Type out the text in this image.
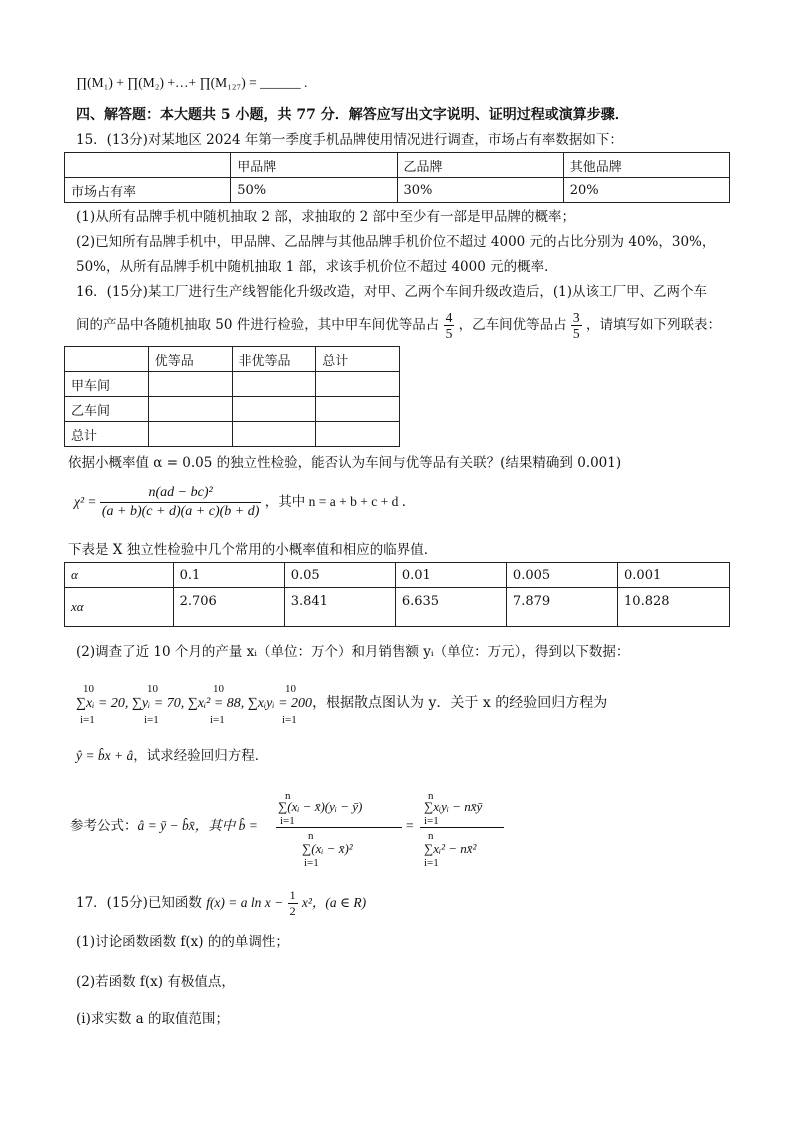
∏(M₁) + ∏(M₂) +…+ ∏(M₁₂₇) = ______ .
四、解答题：本大题共 5 小题，共 77 分．解答应写出文字说明、证明过程或演算步骤．
15．(13分)对某地区 2024 年第一季度手机品牌使用情况进行调查，市场占有率数据如下：
	甲品牌	乙品牌	其他品牌
市场占有率	50%	30%	20%
(1)从所有品牌手机中随机抽取 2 部，求抽取的 2 部中至少有一部是甲品牌的概率；
(2)已知所有品牌手机中，甲品牌、乙品牌与其他品牌手机价位不超过 4000 元的占比分别为 40%，30%，
50%，从所有品牌手机中随机抽取 1 部，求该手机价位不超过 4000 元的概率．
16．(15分)某工厂进行生产线智能化升级改造，对甲、乙两个车间升级改造后，(1)从该工厂甲、乙两个车
间的产品中各随机抽取 50 件进行检验，其中甲车间优等品占 $\frac{4}{5}$ ，乙车间优等品占 $\frac{3}{5}$ ，请填写如下列联表：
	优等品	非优等品	总计
甲车间			
乙车间			
总计			
依据小概率值 α = 0.05 的独立性检验，能否认为车间与优等品有关联？(结果精确到 0.001)
$\chi^2 = \frac{\text{n(ad − bc)²}}{(a + b)(c + d)(a + c)(b + d)}$ ，其中 n = a + b + c + d ．
下表是 X 独立性检验中几个常用的小概率值和相应的临界值．
α	0.1	0.05	0.01	0.005	0.001
xα	2.706	3.841	6.635	7.879	10.828
(2)调查了近 10 个月的产量 xᵢ（单位：万个）和月销售额 yᵢ（单位：万元），得到以下数据：
10	10	10	10
∑xᵢ = 20, ∑yᵢ = 70, ∑xᵢ² = 88, ∑xᵢyᵢ = 200，根据散点图认为 y．关于 x 的经验回归方程为
i=1	i=1	i=1	i=1
ŷ = b̂x + â，试求经验回归方程．
参考公式：â = ȳ − b̂x̄，其中 b̂ =
n
∑(xᵢ − x̄)(yᵢ − ȳ)
i=1
n
∑(xᵢ − x̄)²
i=1
=
n
∑xᵢyᵢ − nx̄ȳ
i=1
n
∑xᵢ² − nx̄²
i=1
17．(15分)已知函数 f(x) = a $\ln x - \frac{1}{2} x^2$，(a ∈ R)
(1)讨论函数函数 f(x) 的的单调性；
(2)若函数 f(x) 有极值点，
(ⅰ)求实数 a 的取值范围；
